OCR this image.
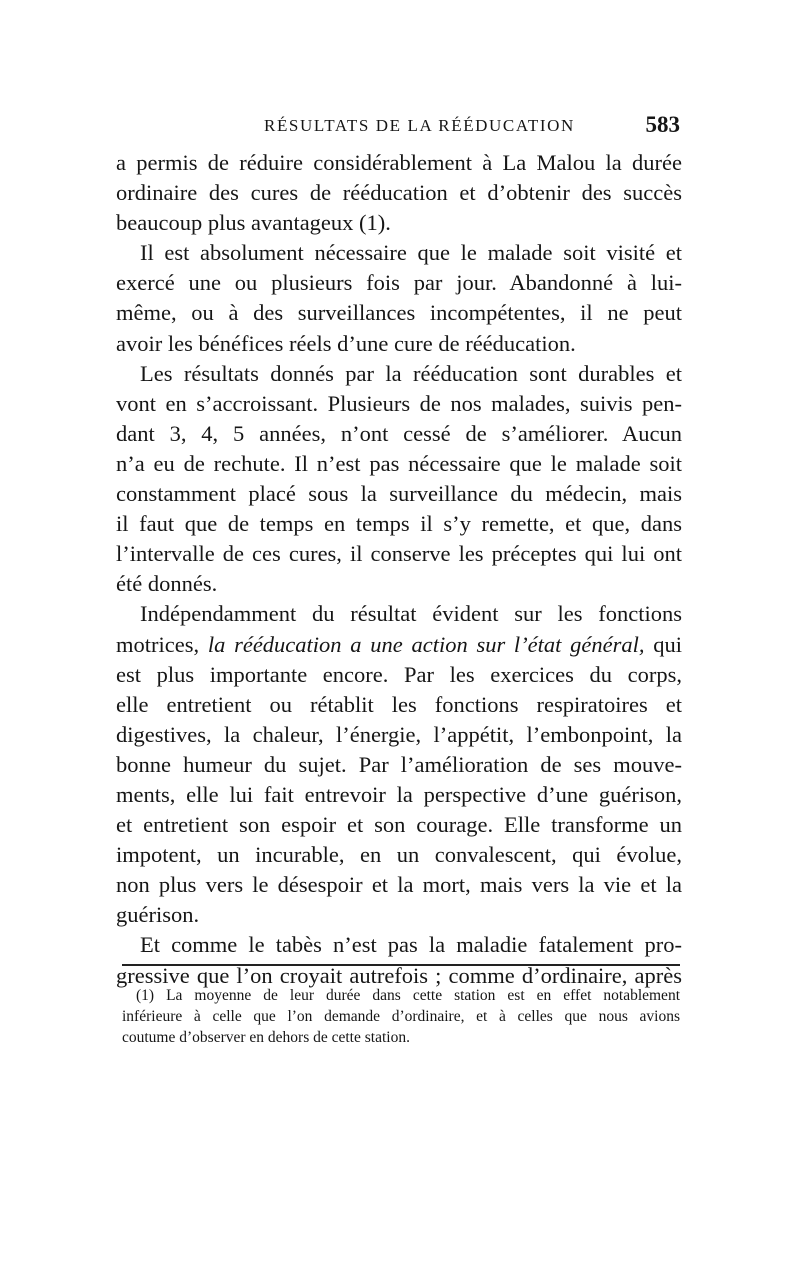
RÉSULTATS DE LA RÉÉDUCATION	583
a permis de réduire considérablement à La Malou la durée
ordinaire des cures de rééducation et d’obtenir des succès
beaucoup plus avantageux (1).
Il est absolument nécessaire que le malade soit visité et
exercé une ou plusieurs fois par jour. Abandonné à lui-
même, ou à des surveillances incompétentes, il ne peut
avoir les bénéfices réels d’une cure de rééducation.
Les résultats donnés par la rééducation sont durables et
vont en s’accroissant. Plusieurs de nos malades, suivis pen-
dant 3, 4, 5 années, n’ont cessé de s’améliorer. Aucun
n’a eu de rechute. Il n’est pas nécessaire que le malade soit
constamment placé sous la surveillance du médecin, mais
il faut que de temps en temps il s’y remette, et que, dans
l’intervalle de ces cures, il conserve les préceptes qui lui ont
été donnés.
Indépendamment du résultat évident sur les fonctions
motrices, la rééducation a une action sur l’état général, qui
est plus importante encore. Par les exercices du corps,
elle entretient ou rétablit les fonctions respiratoires et
digestives, la chaleur, l’énergie, l’appétit, l’embonpoint, la
bonne humeur du sujet. Par l’amélioration de ses mouve-
ments, elle lui fait entrevoir la perspective d’une guérison,
et entretient son espoir et son courage. Elle transforme un
impotent, un incurable, en un convalescent, qui évolue,
non plus vers le désespoir et la mort, mais vers la vie et la
guérison.
Et comme le tabès n’est pas la maladie fatalement pro-
gressive que l’on croyait autrefois ; comme d’ordinaire, après
(1) La moyenne de leur durée dans cette station est en effet notablement
inférieure à celle que l’on demande d’ordinaire, et à celles que nous avions
coutume d’observer en dehors de cette station.
